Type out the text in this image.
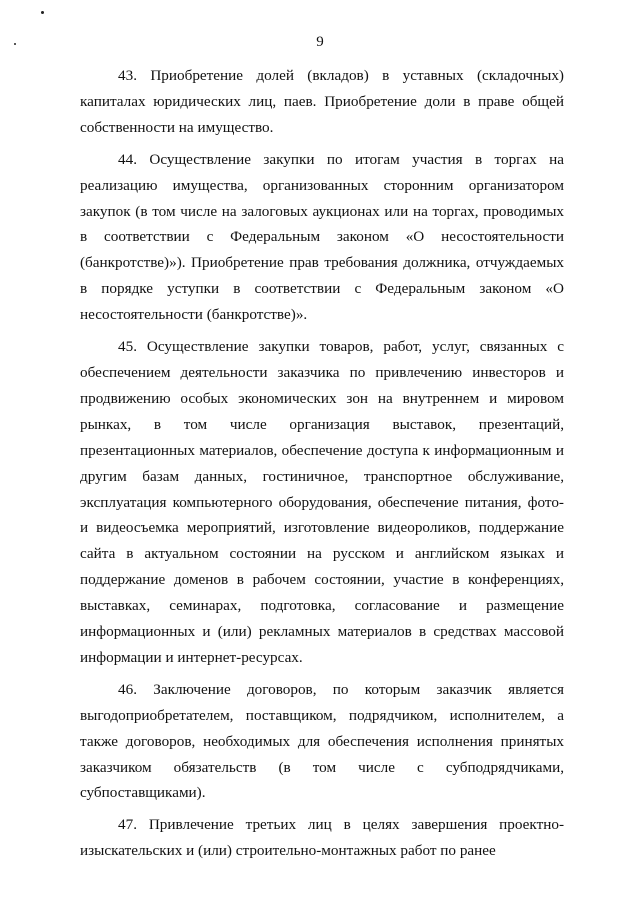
9

43. Приобретение долей (вкладов) в уставных (складочных) капиталах юридических лиц, паев. Приобретение доли в праве общей собственности на имущество.

44. Осуществление закупки по итогам участия в торгах на реализацию имущества, организованных сторонним организатором закупок (в том числе на залоговых аукционах или на торгах, проводимых в соответствии с Федеральным законом «О несостоятельности (банкротстве)»). Приобретение прав требования должника, отчуждаемых в порядке уступки в соответствии с Федеральным законом «О несостоятельности (банкротстве)».

45. Осуществление закупки товаров, работ, услуг, связанных с обеспечением деятельности заказчика по привлечению инвесторов и продвижению особых экономических зон на внутреннем и мировом рынках, в том числе организация выставок, презентаций, презентационных материалов, обеспечение доступа к информационным и другим базам данных, гостиничное, транспортное обслуживание, эксплуатация компьютерного оборудования, обеспечение питания, фото- и видеосъемка мероприятий, изготовление видеороликов, поддержание сайта в актуальном состоянии на русском и английском языках и поддержание доменов в рабочем состоянии, участие в конференциях, выставках, семинарах, подготовка, согласование и размещение информационных и (или) рекламных материалов в средствах массовой информации и интернет-ресурсах.

46. Заключение договоров, по которым заказчик является выгодоприобретателем, поставщиком, подрядчиком, исполнителем, а также договоров, необходимых для обеспечения исполнения принятых заказчиком обязательств (в том числе с субподрядчиками, субпоставщиками).

47. Привлечение третьих лиц в целях завершения проектно-изыскательских и (или) строительно-монтажных работ по ранее
